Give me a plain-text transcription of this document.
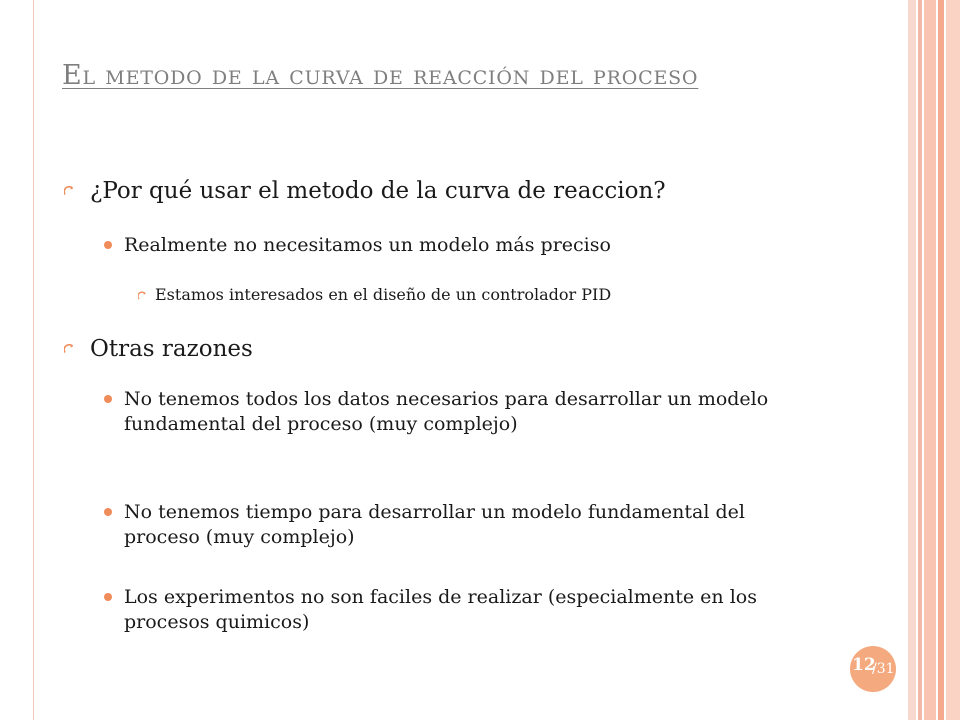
El metodo de la curva de reacción del proceso
¿Por qué usar el metodo de la curva de reaccion?
Realmente no necesitamos un modelo más preciso
Estamos interesados en el diseño de un controlador PID
Otras razones
No tenemos todos los datos necesarios para desarrollar un modelo fundamental del proceso (muy complejo)
No tenemos tiempo para desarrollar un modelo fundamental del proceso (muy complejo)
Los experimentos no son faciles de realizar (especialmente en los procesos quimicos)
12
/31
